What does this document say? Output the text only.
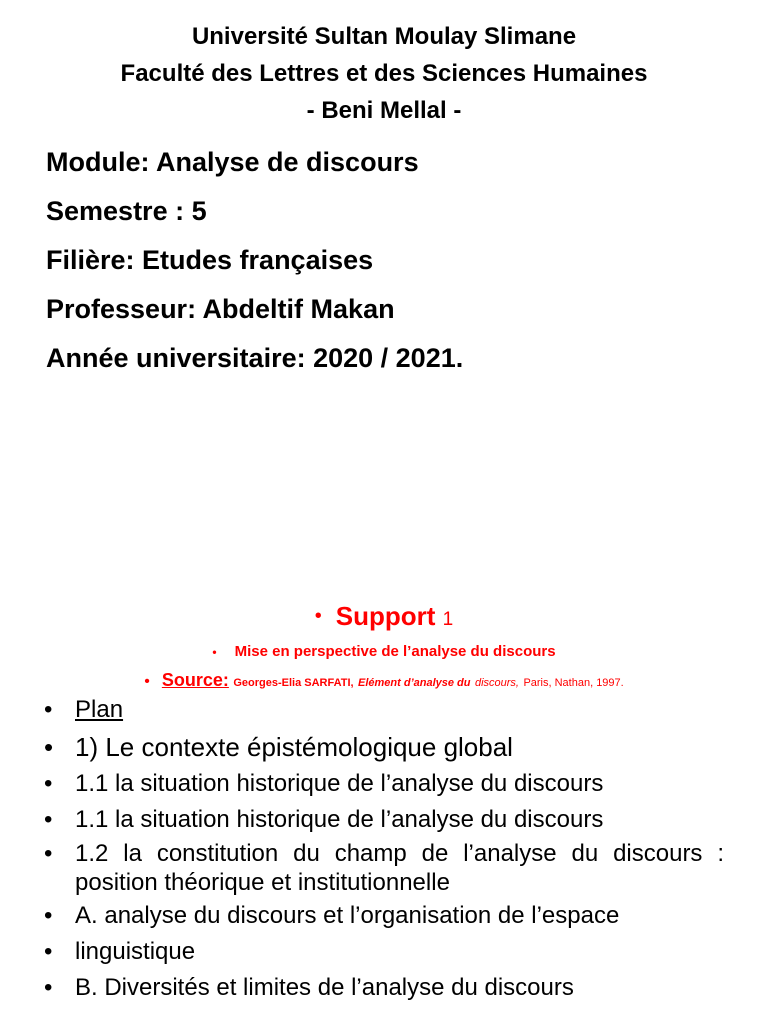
Université Sultan Moulay Slimane
Faculté des Lettres et des Sciences Humaines
- Beni Mellal -
Module: Analyse de discours
Semestre : 5
Filière: Etudes françaises
Professeur: Abdeltif Makan
Année universitaire: 2020 / 2021.
• Support 1
• Mise en perspective de l’analyse du discours
• Source: Georges-Elia SARFATI, Elément d’analyse du discours, Paris, Nathan, 1997.
• Plan
• 1) Le contexte épistémologique global
• 1.1 la situation historique de l’analyse du discours
• 1.1 la situation historique de l’analyse du discours
• 1.2 la constitution du champ de l’analyse du discours : position théorique et institutionnelle
• A. analyse du discours et l’organisation de l’espace
• linguistique
• B. Diversités et limites de l’analyse du discours
